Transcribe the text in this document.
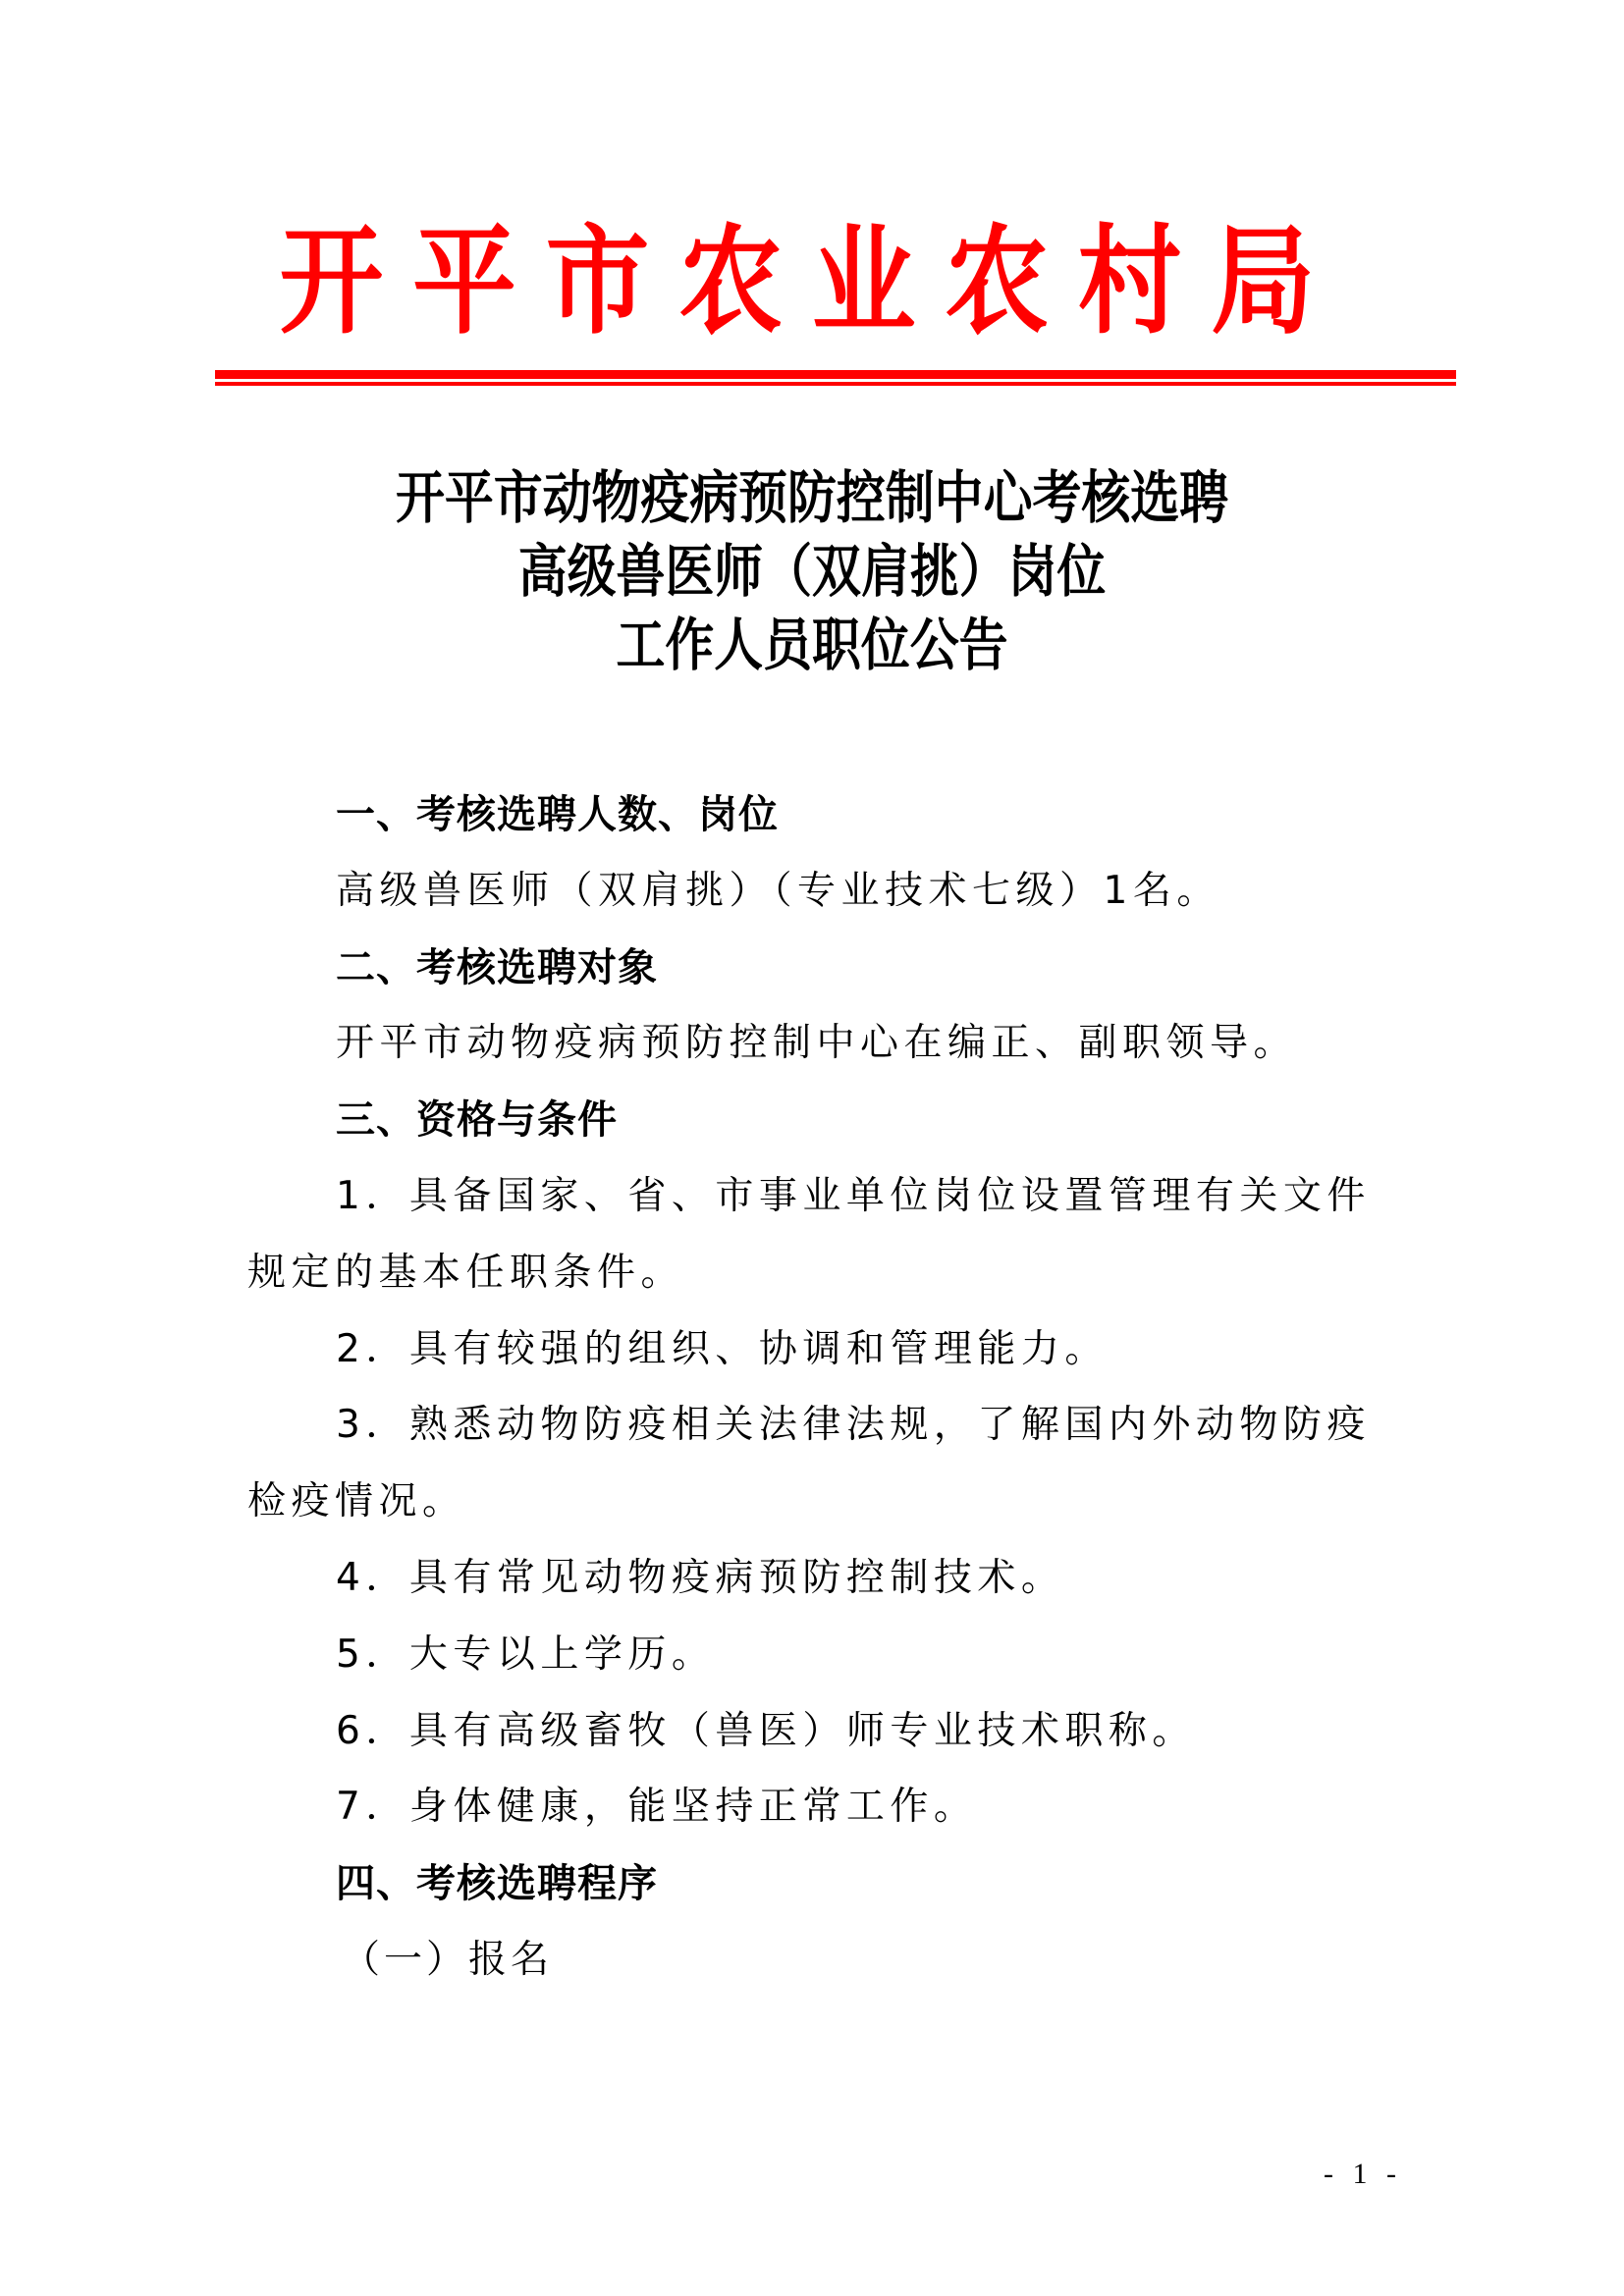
开平市农业农村局
开平市动物疫病预防控制中心考核选聘
高级兽医师（双肩挑）岗位
工作人员职位公告
一、考核选聘人数、岗位
高级兽医师（双肩挑）（专业技术七级）1名。
二、考核选聘对象
开平市动物疫病预防控制中心在编正、副职领导。
三、资格与条件
1．具备国家、省、市事业单位岗位设置管理有关文件
规定的基本任职条件。
2．具有较强的组织、协调和管理能力。
3．熟悉动物防疫相关法律法规，了解国内外动物防疫
检疫情况。
4．具有常见动物疫病预防控制技术。
5．大专以上学历。
6．具有高级畜牧（兽医）师专业技术职称。
7．身体健康，能坚持正常工作。
四、考核选聘程序
（一）报名
- 1 -
